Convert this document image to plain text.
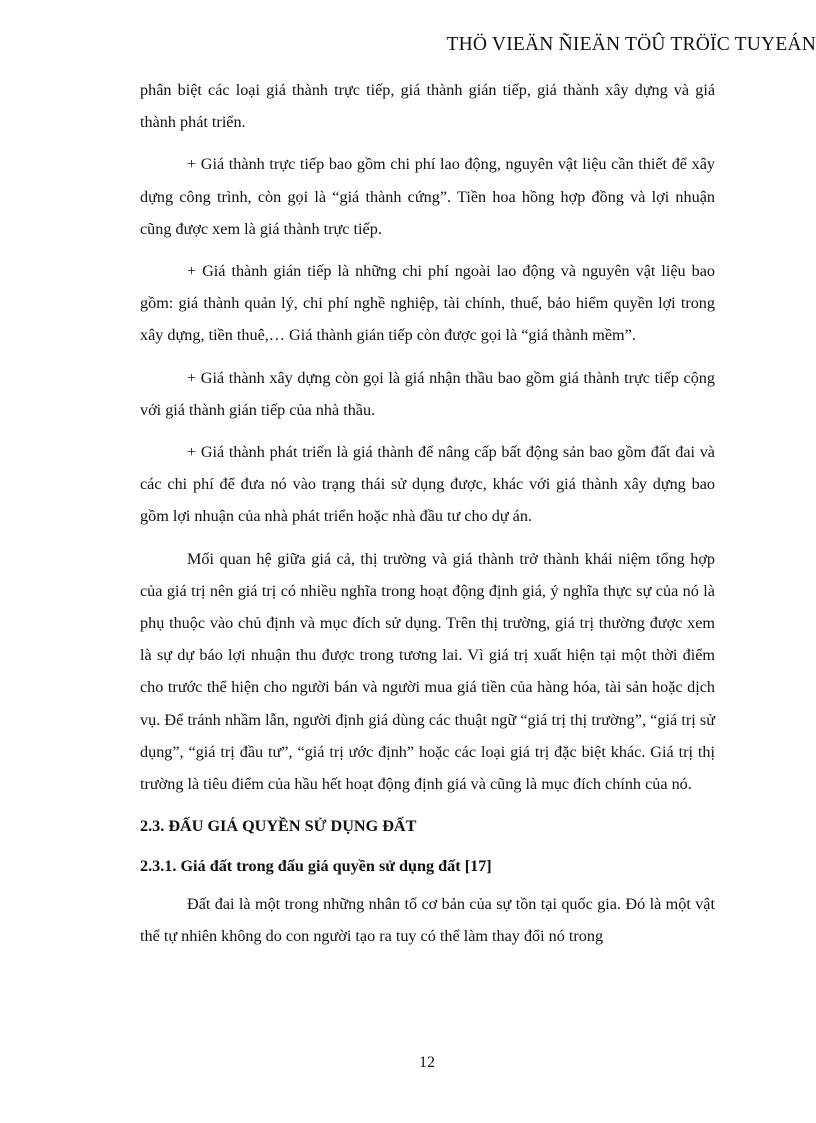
THÖ VIEÄN ÑIEÄN TÖÛ TRÖÏC TUYEÁN

phân biệt các loại giá thành trực tiếp, giá thành gián tiếp, giá thành xây dựng và giá thành phát triển.

+ Giá thành trực tiếp bao gồm chi phí lao động, nguyên vật liệu cần thiết để xây dựng công trình, còn gọi là “giá thành cứng”. Tiền hoa hồng hợp đồng và lợi nhuận cũng được xem là giá thành trực tiếp.

+ Giá thành gián tiếp là những chi phí ngoài lao động và nguyên vật liệu bao gồm: giá thành quản lý, chi phí nghề nghiệp, tài chính, thuế, bảo hiểm quyền lợi trong xây dựng, tiền thuê,… Giá thành gián tiếp còn được gọi là “giá thành mềm”.

+ Giá thành xây dựng còn gọi là giá nhận thầu bao gồm giá thành trực tiếp cộng với giá thành gián tiếp của nhà thầu.

+ Giá thành phát triển là giá thành để nâng cấp bất động sản bao gồm đất đai và các chi phí để đưa nó vào trạng thái sử dụng được, khác với giá thành xây dựng bao gồm lợi nhuận của nhà phát triển hoặc nhà đầu tư cho dự án.

Mối quan hệ giữa giá cả, thị trường và giá thành trở thành khái niệm tổng hợp của giá trị nên giá trị có nhiều nghĩa trong hoạt động định giá, ý nghĩa thực sự của nó là phụ thuộc vào chủ định và mục đích sử dụng. Trên thị trường, giá trị thường được xem là sự dự báo lợi nhuận thu được trong tương lai. Vì giá trị xuất hiện tại một thời điểm cho trước thể hiện cho người bán và người mua giá tiền của hàng hóa, tài sản hoặc dịch vụ. Để tránh nhầm lẫn, người định giá dùng các thuật ngữ “giá trị thị trường”, “giá trị sử dụng”, “giá trị đầu tư”, “giá trị ước định” hoặc các loại giá trị đặc biệt khác. Giá trị thị trường là tiêu điểm của hầu hết hoạt động định giá và cũng là mục đích chính của nó.

2.3. ĐẤU GIÁ QUYỀN SỬ DỤNG ĐẤT
2.3.1. Giá đất trong đấu giá quyền sử dụng đất [17]

Đất đai là một trong những nhân tố cơ bản của sự tồn tại quốc gia. Đó là một vật thể tự nhiên không do con người tạo ra tuy có thể làm thay đổi nó trong

12
